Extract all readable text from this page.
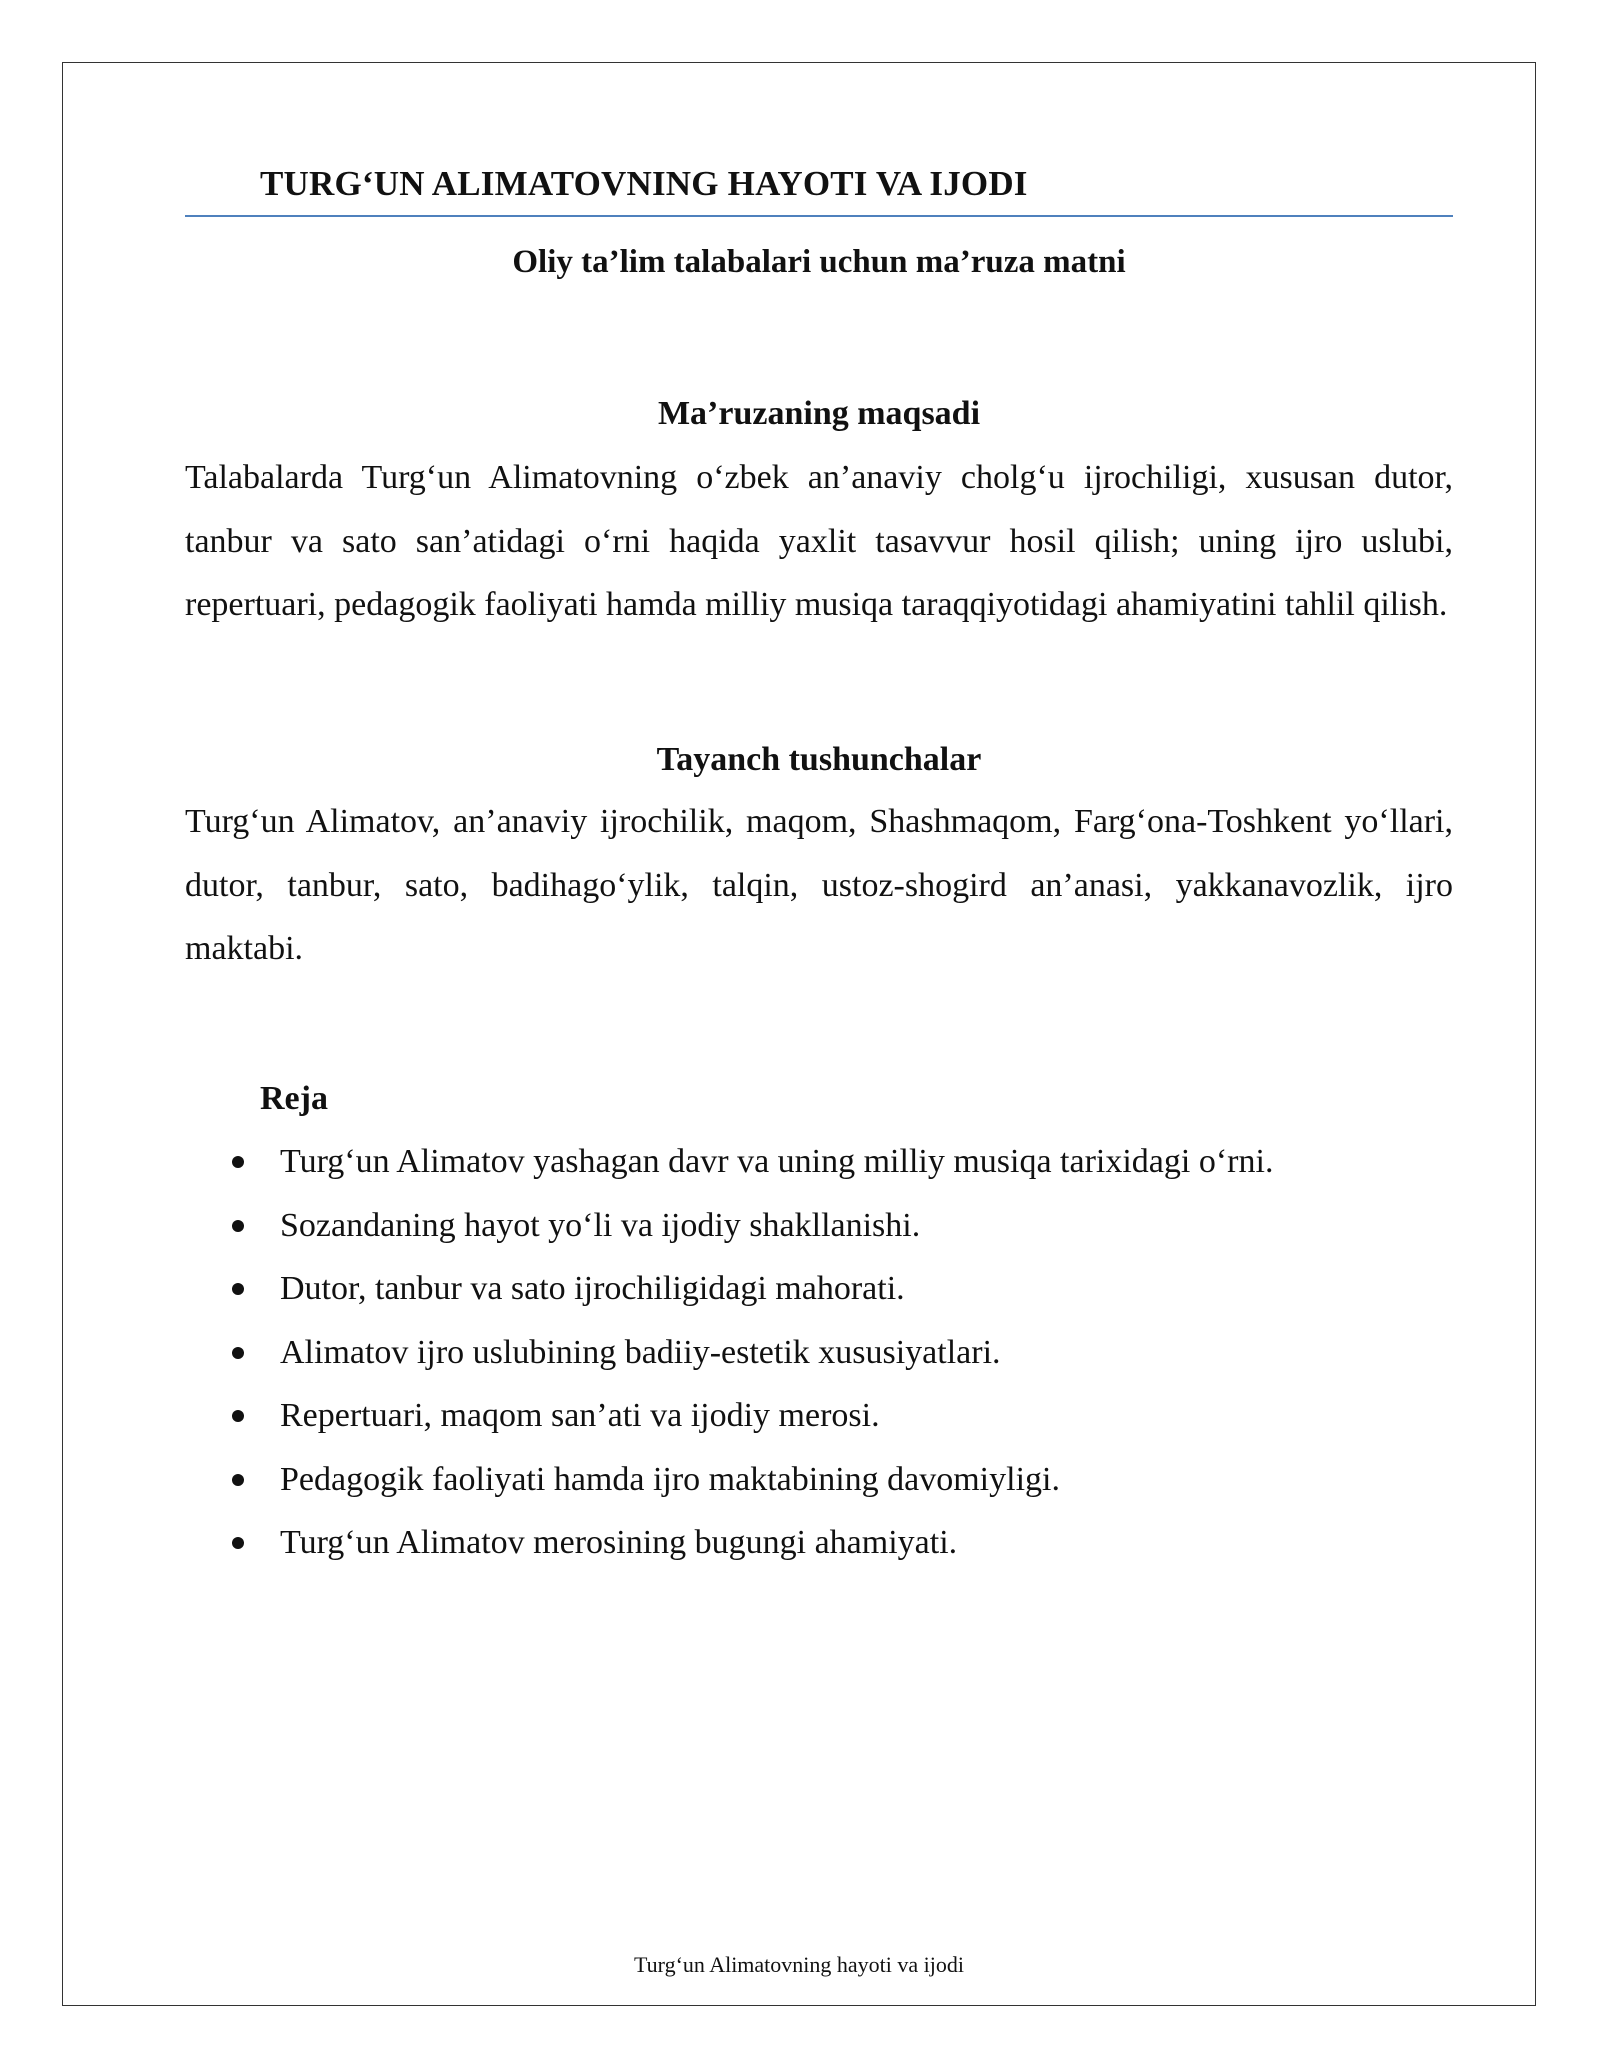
TURG‘UN ALIMATOVNING HAYOTI VA IJODI
Oliy ta’lim talabalari uchun ma’ruza matni
Ma’ruzaning maqsadi

Talabalarda Turg‘un Alimatovning o‘zbek an’anaviy cholg‘u ijrochiligi, xususan dutor, tanbur va sato san’atidagi o‘rni haqida yaxlit tasavvur hosil qilish; uning ijro uslubi, repertuari, pedagogik faoliyati hamda milliy musiqa taraqqiyotidagi ahamiyatini tahlil qilish.

Tayanch tushunchalar

Turg‘un Alimatov, an’anaviy ijrochilik, maqom, Shashmaqom, Farg‘ona-Toshkent yo‘llari, dutor, tanbur, sato, badihago‘ylik, talqin, ustoz-shogird an’anasi, yakkanavozlik, ijro maktabi.

Reja
Turg‘un Alimatov yashagan davr va uning milliy musiqa tarixidagi o‘rni.
Sozandaning hayot yo‘li va ijodiy shakllanishi.
Dutor, tanbur va sato ijrochiligidagi mahorati.
Alimatov ijro uslubining badiiy-estetik xususiyatlari.
Repertuari, maqom san’ati va ijodiy merosi.
Pedagogik faoliyati hamda ijro maktabining davomiyligi.
Turg‘un Alimatov merosining bugungi ahamiyati.
Turg‘un Alimatovning hayoti va ijodi
